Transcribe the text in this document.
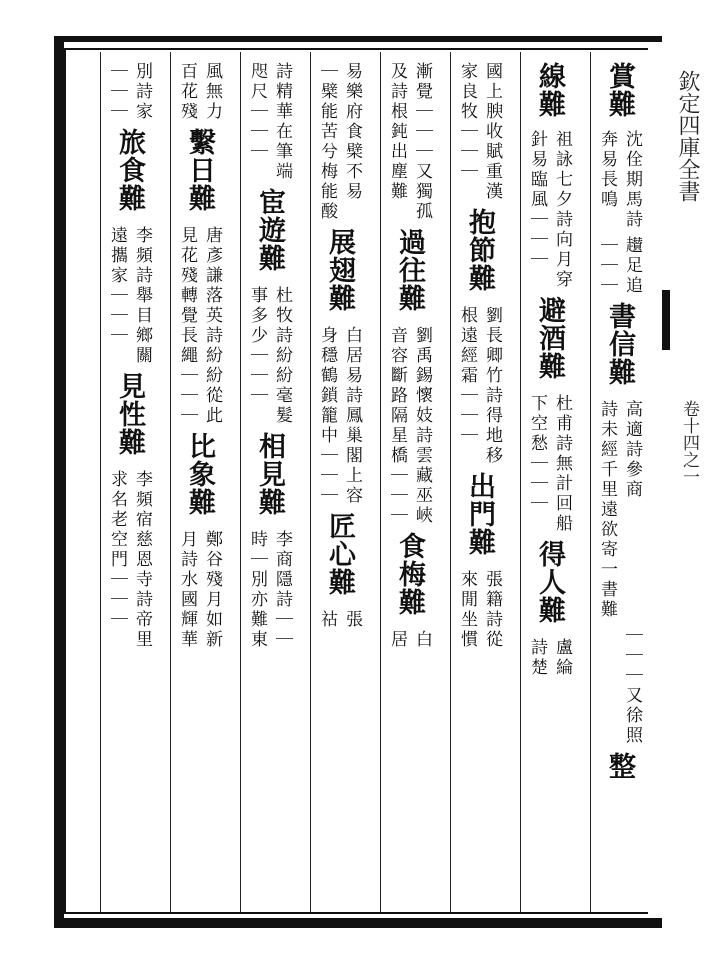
欽定四庫全書
卷十四之一
賞難
沈佺期馬詩
奔易長鳴
䟎足追
｜｜｜
書信難
高適詩參商
詩未經千里遠欲寄一書難
｜｜｜又徐照
整
線難
祖詠七夕詩向月穿
針易臨風｜｜｜
避酒難
杜甫詩無計回船
下空愁｜｜｜
得人難
盧綸
詩楚
國上腴收賦重漢
家良牧｜｜｜
抱節難
劉長卿竹詩得地移
根遠經霜｜｜｜
出門難
張籍詩從
來閒坐慣
漸覺｜｜｜又獨孤
及詩根鈍出塵難
過往難
劉禹錫懷妓詩雲藏巫峽
音容斷路隔星橋｜｜｜
食梅難
白
居
易樂府食檗不易
｜檗能苦兮梅能酸
展翅難
白居易詩鳳巢閣上容
身穩鶴鎖籠中｜｜｜
匠心難
張
祜
詩精華在筆端
咫尺｜｜｜
宦遊難
杜牧詩紛紛毫髮
事多少｜｜｜
相見難
李商隱詩｜｜
時｜別亦難東
風無力
百花殘
繫日難
唐彥謙落英詩紛紛從此
見花殘轉覺長繩｜｜｜
比象難
鄭谷殘月如新
月詩水國輝華
別詩家
｜｜｜
旅食難
李頻詩舉目鄉關
遠攜家｜｜｜
見性難
李頻宿慈恩寺詩帝里
求名老空門｜｜｜
